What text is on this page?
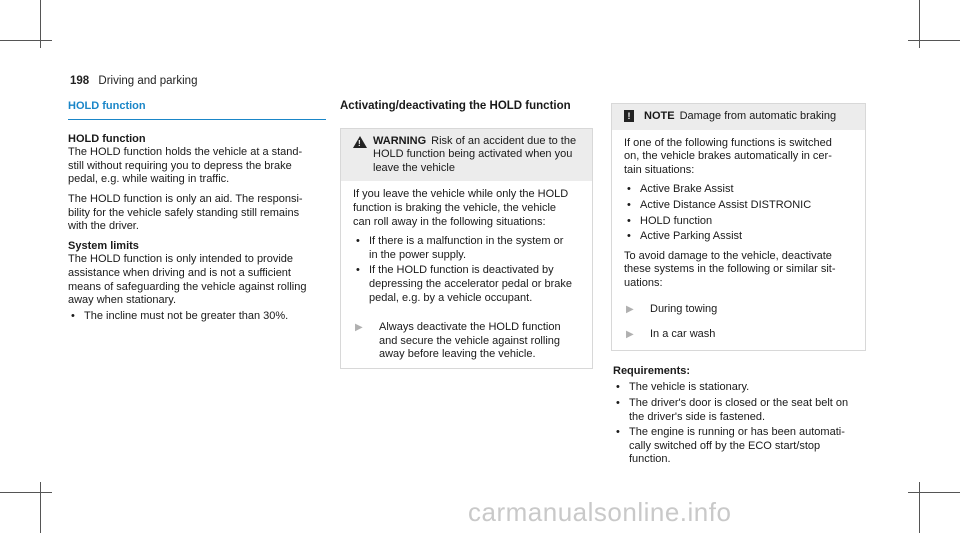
198 Driving and parking
HOLD function
HOLD function

The HOLD function holds the vehicle at a stand-
still without requiring you to depress the brake
pedal, e.g. while waiting in traffic.

The HOLD function is only an aid. The responsi-
bility for the vehicle safely standing still remains
with the driver.

System limits

The HOLD function is only intended to provide
assistance when driving and is not a sufficient
means of safeguarding the vehicle against rolling
away when stationary.

• The incline must not be greater than 30%.
Activating/deactivating the HOLD function
!
WARNING Risk of an accident due to the
HOLD function being activated when you
leave the vehicle

If you leave the vehicle while only the HOLD
function is braking the vehicle, the vehicle
can roll away in the following situations:

• If there is a malfunction in the system or
in the power supply.
• If the HOLD function is deactivated by
depressing the accelerator pedal or brake
pedal, e.g. by a vehicle occupant.
▶	Always deactivate the HOLD function
and secure the vehicle against rolling
away before leaving the vehicle.
!	NOTE Damage from automatic braking

If one of the following functions is switched
on, the vehicle brakes automatically in cer-
tain situations:

• Active Brake Assist
• Active Distance Assist DISTRONIC
• HOLD function
• Active Parking Assist

To avoid damage to the vehicle, deactivate
these systems in the following or similar sit-
uations:

▶	During towing
▶	In a car wash
Requirements:
• The vehicle is stationary.
• The driver's door is closed or the seat belt on
the driver's side is fastened.
• The engine is running or has been automati-
cally switched off by the ECO start/stop
function.
carmanualsonline.info
